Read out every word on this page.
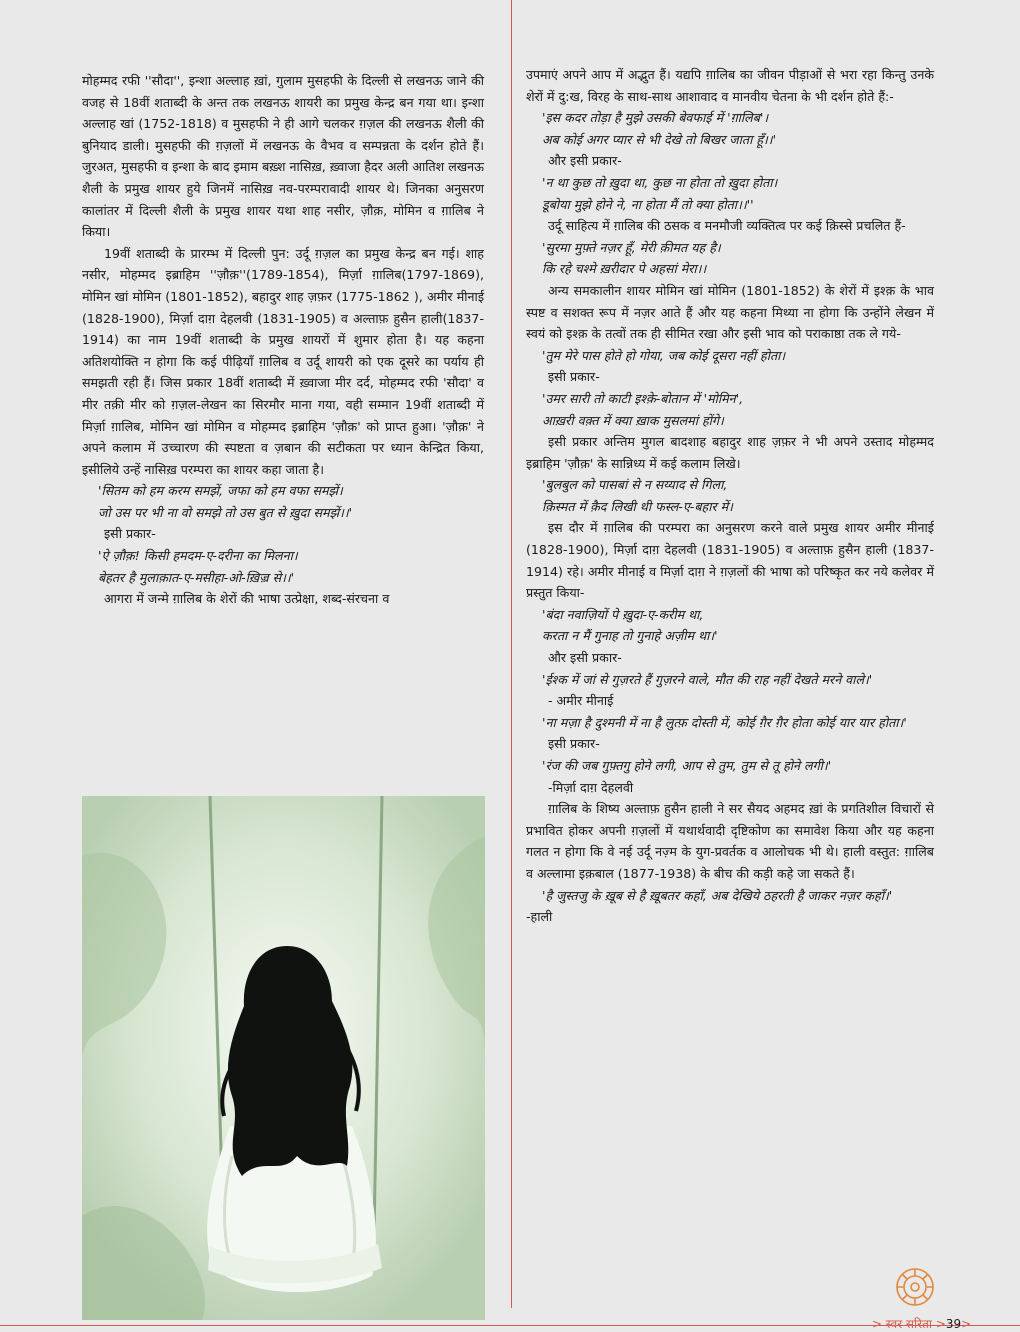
मोहम्मद रफी ''सौदा'', इन्शा अल्लाह ख़ां, गुलाम मुसहफी के दिल्ली से लखनऊ जाने की वजह से 18वीं शताब्दी के अन्त तक लखनऊ शायरी का प्रमुख केन्द्र बन गया था। इन्शा अल्लाह खां (1752-1818) व मुसहफी ने ही आगे चलकर ग़ज़ल की लखनऊ शैली की बुनियाद डाली। मुसहफी की ग़ज़लों में लखनऊ के वैभव व सम्पन्नता के दर्शन होते हैं। जुरअत, मुसहफी व इन्शा के बाद इमाम बख़्श नासिख़, ख़्वाजा हैदर अली आतिश लखनऊ शैली के प्रमुख शायर हुये जिनमें नासिख़ नव-परम्परावादी शायर थे। जिनका अनुसरण कालांतर में दिल्ली शैली के प्रमुख शायर यथा शाह नसीर, ज़ौक़, मोमिन व ग़ालिब ने किया।

19वीं शताब्दी के प्रारम्भ में दिल्ली पुन: उर्दू ग़ज़ल का प्रमुख केन्द्र बन गई। शाह नसीर, मोहम्मद इब्राहिम ''ज़ौक़''(1789-1854), मिर्ज़ा ग़ालिब(1797-1869), मोमिन खां मोमिन (1801-1852), बहादुर शाह ज़फ़र (1775-1862 ), अमीर मीनाई (1828-1900), मिर्ज़ा दाग़ देहलवी (1831-1905) व अल्ताफ़ हुसैन हाली(1837-1914) का नाम 19वीं शताब्दी के प्रमुख शायरों में शुमार होता है। यह कहना अतिशयोक्ति न होगा कि कई पीढ़ियाँ ग़ालिब व उर्दू शायरी को एक दूसरे का पर्याय ही समझती रही हैं। जिस प्रकार 18वीं शताब्दी में ख़्वाजा मीर दर्द, मोहम्मद रफी 'सौदा' व मीर तक़ी मीर को ग़ज़ल-लेखन का सिरमौर माना गया, वही सम्मान 19वीं शताब्दी में मिर्ज़ा ग़ालिब, मोमिन खां मोमिन व मोहम्मद इब्राहिम 'ज़ौक़' को प्राप्त हुआ। 'ज़ौक़' ने अपने कलाम में उच्चारण की स्पष्टता व ज़बान की सटीकता पर ध्यान केन्द्रित किया, इसीलिये उन्हें नासिख़ परम्परा का शायर कहा जाता है।

'सितम को हम करम समझें, जफा को हम वफा समझें।

जो उस पर भी ना वो समझे तो उस बुत से ख़ुदा समझें।।'

इसी प्रकार-

'ऐ ज़ौक़! किसी हमदम-ए-दरीना का मिलना।

बेहतर है मुलाक़ात-ए-मसीहा-ओ-ख़िज़्र से।।'

आगरा में जन्मे ग़ालिब के शेरों की भाषा उत्प्रेक्षा, शब्द-संरचना व

उपमाएं अपने आप में अद्भुत हैं। यद्यपि ग़ालिब का जीवन पीड़ाओं से भरा रहा किन्तु उनके शेरों में दु:ख, विरह के साथ-साथ आशावाद व मानवीय चेतना के भी दर्शन होते हैं:-

'इस कदर तोड़ा है मुझे उसकी बेवफाई में 'ग़ालिब'।

अब कोई अगर प्यार से भी देखे तो बिखर जाता हूँ।।'

और इसी प्रकार-

'न था कुछ तो ख़ुदा था, कुछ ना होता तो ख़ुदा होता।

डूबोया मुझे होने ने, ना होता मैं तो क्या होता।।''

उर्दू साहित्य में ग़ालिब की ठसक व मनमौजी व्यक्तित्व पर कई क़िस्से प्रचलित हैं-

'सुरमा मुफ़्ते नज़र हूँ, मेरी क़ीमत यह है।

कि रहे चश्मे ख़रीदार पे अहसां मेरा।।

अन्य समकालीन शायर मोमिन खां मोमिन (1801-1852) के शेरों में इश्क़ के भाव स्पष्ट व सशक्त रूप में नज़र आते हैं और यह कहना मिथ्या ना होगा कि उन्होंने लेखन में स्वयं को इश्क़ के तत्वों तक ही सीमित रखा और इसी भाव को पराकाष्ठा तक ले गये-

'तुम मेरे पास होते हो गोया, जब कोई दूसरा नहीं होता।

इसी प्रकार-

'उमर सारी तो काटी इश्क़े-बोतान में 'मोमिन',

आख़री वक़्त में क्या ख़ाक मुसलमां होंगे।

इसी प्रकार अन्तिम मुगल बादशाह बहादुर शाह ज़फ़र ने भी अपने उस्ताद मोहम्मद इब्राहिम 'ज़ौक़' के सान्निध्य में कई कलाम लिखे।

'बुलबुल को पासबां से न सय्याद से गिला,

क़िस्मत में क़ैद लिखी थी फस्ल-ए-बहार में।

इस दौर में ग़ालिब की परम्परा का अनुसरण करने वाले प्रमुख शायर अमीर मीनाई (1828-1900), मिर्ज़ा दाग़ देहलवी (1831-1905) व अल्ताफ़ हुसैन हाली (1837-1914) रहे। अमीर मीनाई व मिर्ज़ा दाग़ ने ग़ज़लों की भाषा को परिष्कृत कर नये कलेवर में प्रस्तुत किया-

'बंदा नवाज़ियों पे ख़ुदा-ए-करीम था,

करता न मैं गुनाह तो गुनाहे अज़ीम था।'

और इसी प्रकार-

'ईश्क में जां से गुज़रते हैं गुज़रने वाले, मौत की राह नहीं देखते मरने वाले।'

- अमीर मीनाई

'ना मज़ा है दुश्मनी में ना है लुत्फ़ दोस्ती में, कोई ग़ैर ग़ैर होता कोई यार यार होता।'

इसी प्रकार-

'रंज की जब गुफ़्तगु होने लगी, आप से तुम, तुम से तू होने लगी।'

-मिर्ज़ा दाग़ देहलवी

ग़ालिब के शिष्य अल्ताफ़ हुसैन हाली ने सर सैयद अहमद ख़ां के प्रगतिशील विचारों से प्रभावित होकर अपनी ग़ज़लों में यथार्थवादी दृष्टिकोण का समावेश किया और यह कहना गलत न होगा कि वे नई उर्दू नज़्म के युग-प्रवर्तक व आलोचक भी थे। हाली वस्तुत: ग़ालिब व अल्लामा इक़बाल (1877-1938) के बीच की कड़ी कहे जा सकते हैं।

'है जुस्तजु के ख़ूब से है ख़ूबतर कहाँ, अब देखिये ठहरती है जाकर नज़र कहाँ।'

-हाली

> स्वर सरिता >39>
